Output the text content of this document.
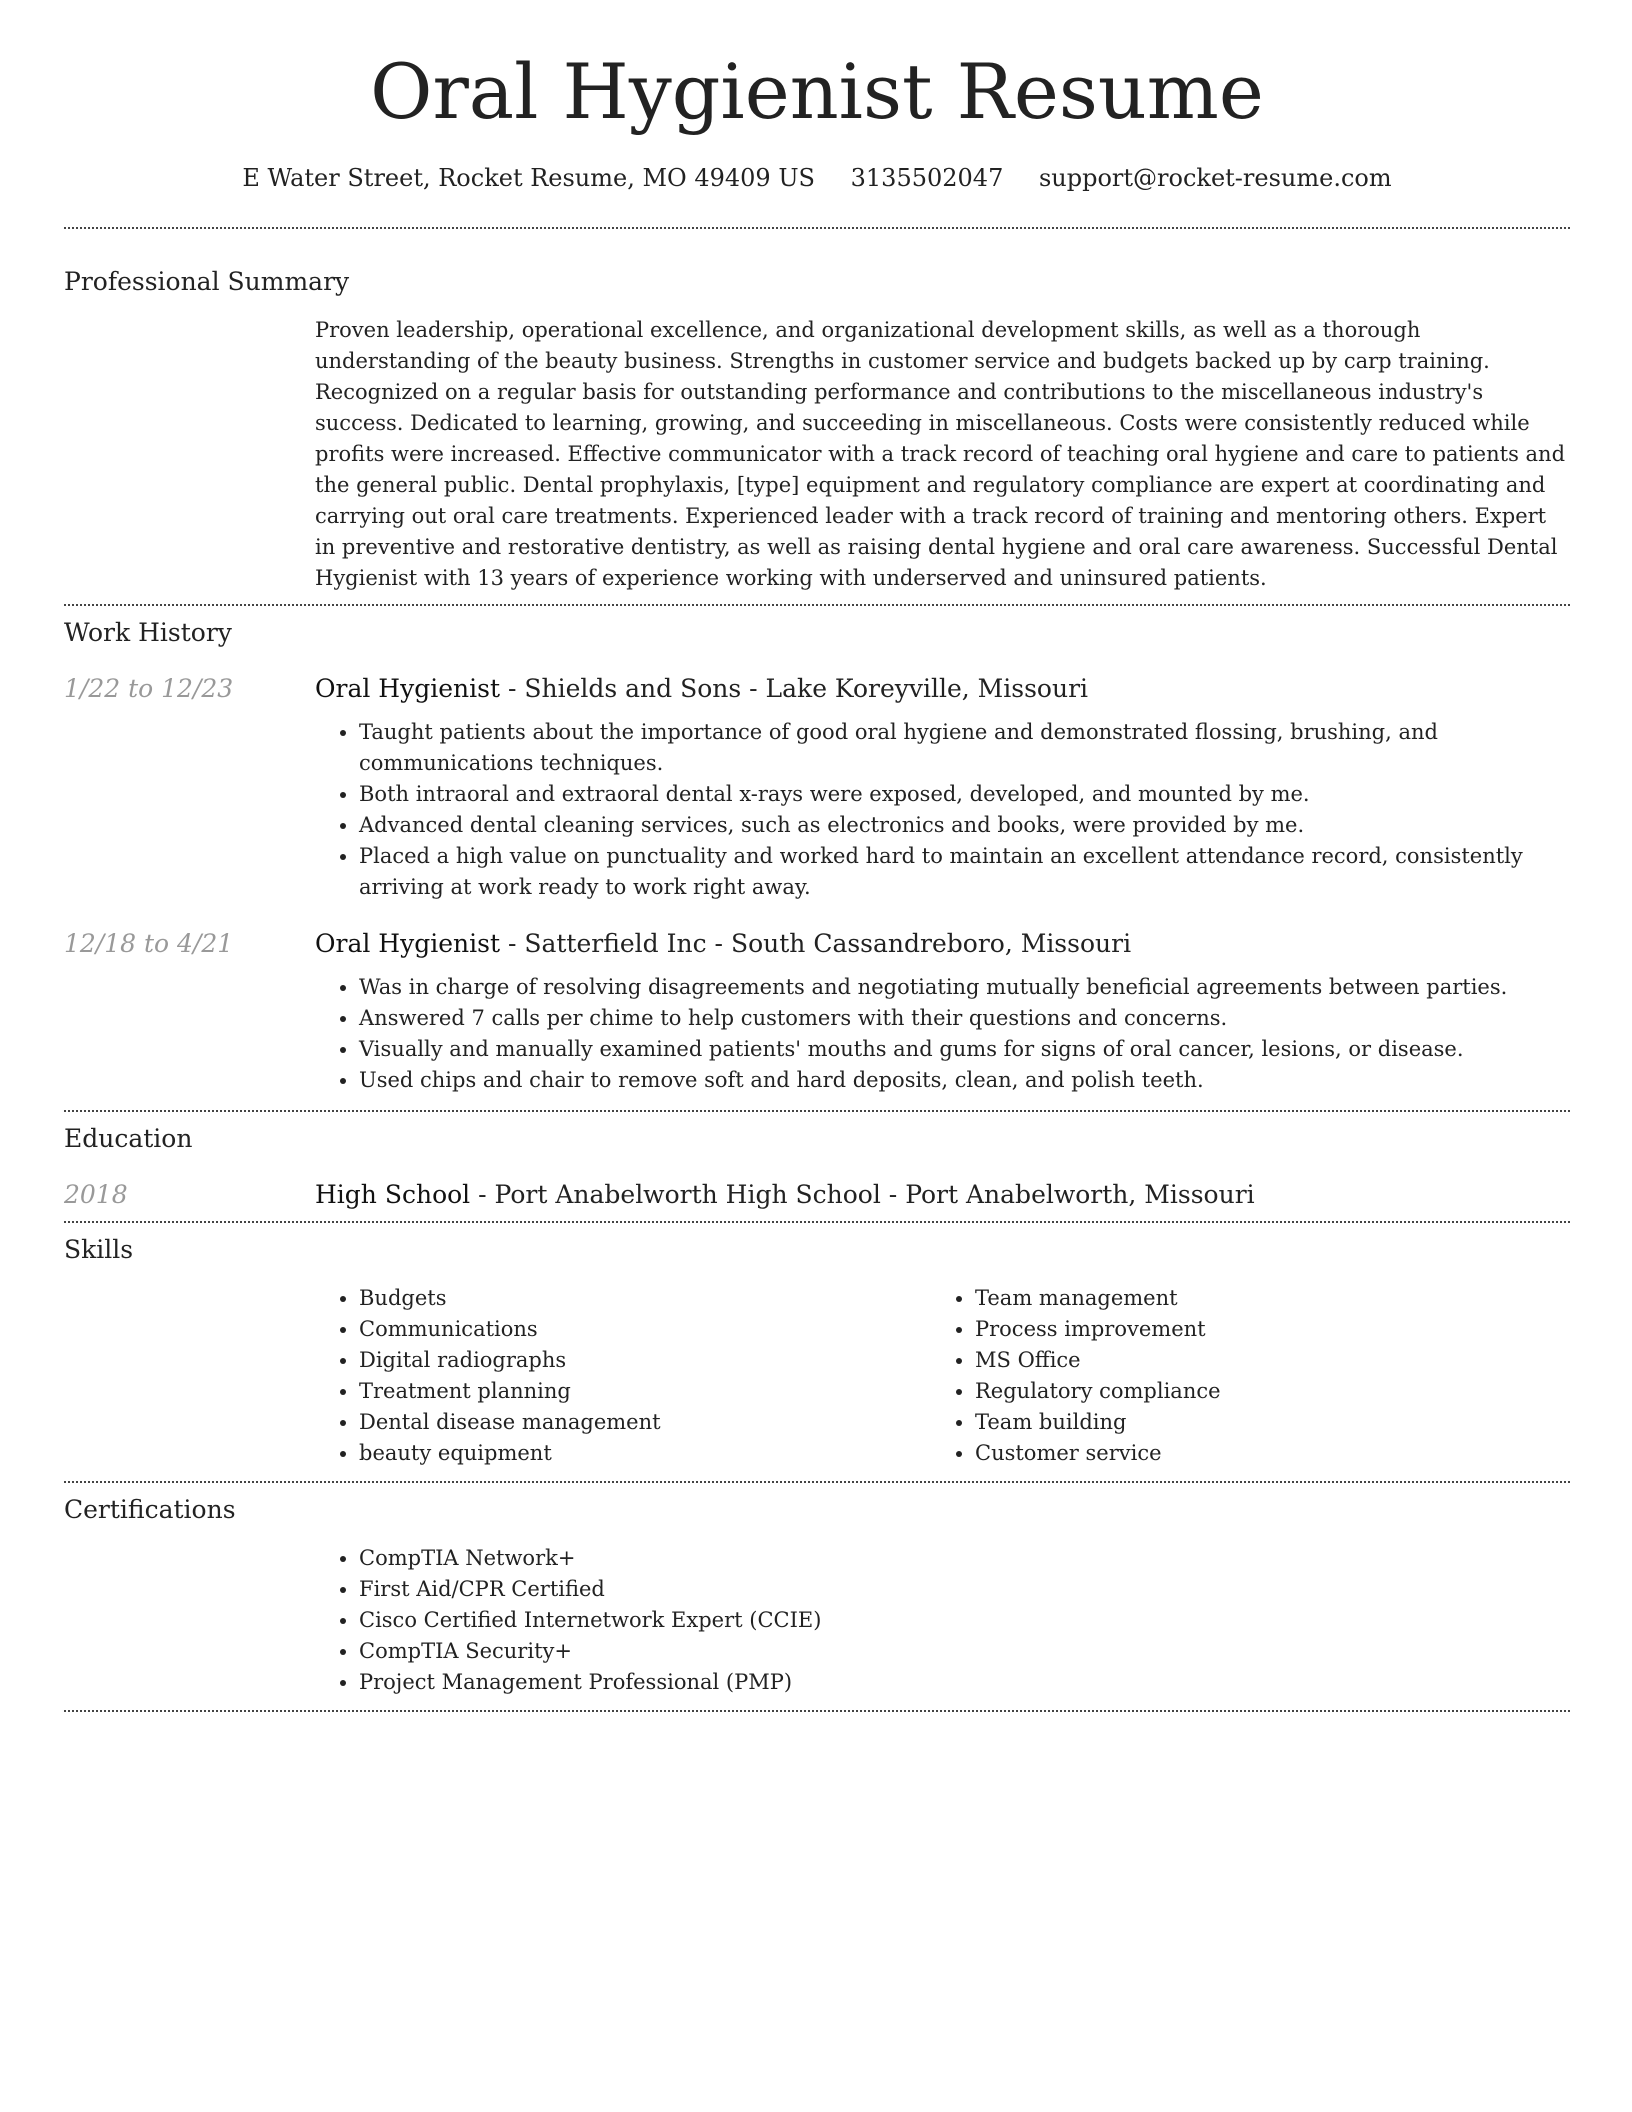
Oral Hygienist Resume
E Water Street, Rocket Resume, MO 49409 US 3135502047 support@rocket-resume.com
Professional Summary

Proven leadership, operational excellence, and organizational development skills, as well as a thorough understanding of the beauty business. Strengths in customer service and budgets backed up by carp training. Recognized on a regular basis for outstanding performance and contributions to the miscellaneous industry's success. Dedicated to learning, growing, and succeeding in miscellaneous. Costs were consistently reduced while profits were increased. Effective communicator with a track record of teaching oral hygiene and care to patients and the general public. Dental prophylaxis, [type] equipment and regulatory compliance are expert at coordinating and carrying out oral care treatments. Experienced leader with a track record of training and mentoring others. Expert in preventive and restorative dentistry, as well as raising dental hygiene and oral care awareness. Successful Dental Hygienist with 13 years of experience working with underserved and uninsured patients.

Work History
1/22 to 12/23	Oral Hygienist - Shields and Sons - Lake Koreyville, Missouri
• Taught patients about the importance of good oral hygiene and demonstrated flossing, brushing, and communications techniques.
• Both intraoral and extraoral dental x-rays were exposed, developed, and mounted by me.
• Advanced dental cleaning services, such as electronics and books, were provided by me.
• Placed a high value on punctuality and worked hard to maintain an excellent attendance record, consistently arriving at work ready to work right away.
12/18 to 4/21	Oral Hygienist - Satterfield Inc - South Cassandreboro, Missouri
• Was in charge of resolving disagreements and negotiating mutually beneficial agreements between parties.
• Answered 7 calls per chime to help customers with their questions and concerns.
• Visually and manually examined patients' mouths and gums for signs of oral cancer, lesions, or disease.
• Used chips and chair to remove soft and hard deposits, clean, and polish teeth.
Education
2018	High School - Port Anabelworth High School - Port Anabelworth, Missouri
Skills
• Budgets
• Communications
• Digital radiographs
• Treatment planning
• Dental disease management
• beauty equipment
• Team management
• Process improvement
• MS Office
• Regulatory compliance
• Team building
• Customer service
Certifications
• CompTIA Network+
• First Aid/CPR Certified
• Cisco Certified Internetwork Expert (CCIE)
• CompTIA Security+
• Project Management Professional (PMP)
